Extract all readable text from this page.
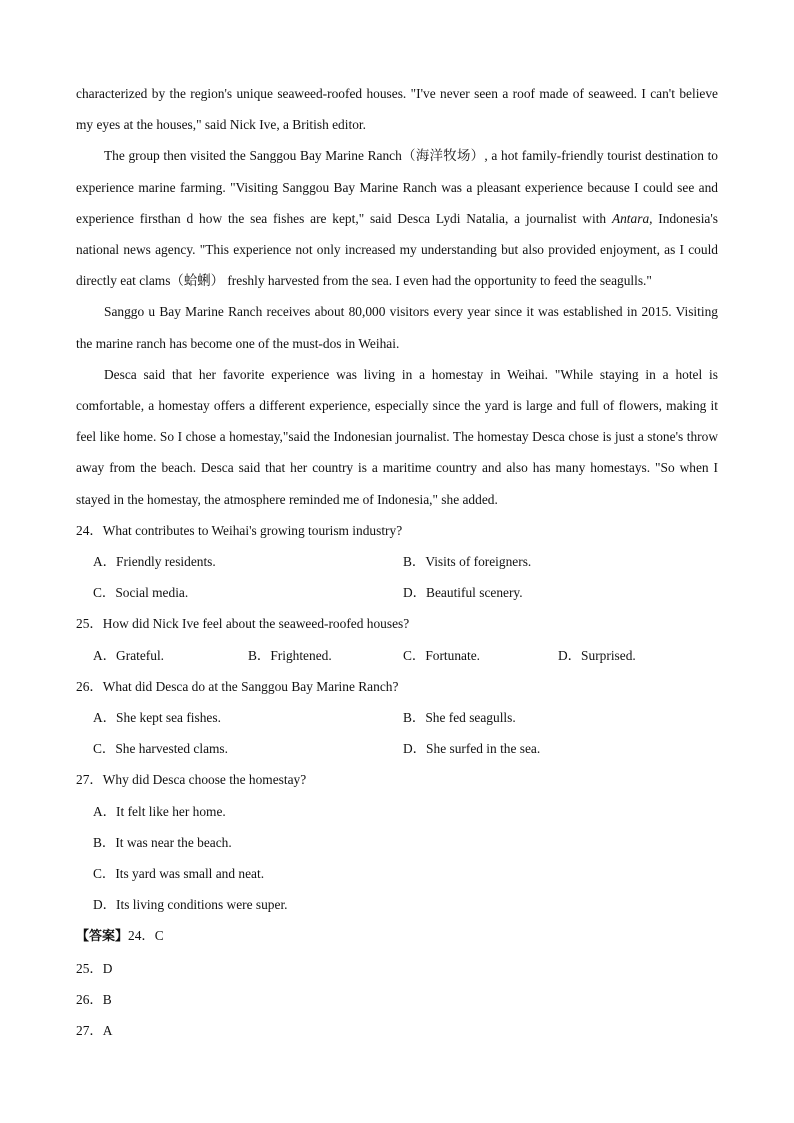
characterized by the region's unique seaweed-roofed houses. "I've never seen a roof made of seaweed. I can't believe my eyes at the houses," said Nick Ive, a British editor.

The group then visited the Sanggou Bay Marine Ranch（海洋牧场）, a hot family-friendly tourist destination to experience marine farming. "Visiting Sanggou Bay Marine Ranch was a pleasant experience because I could see and experience firsthan d how the sea fishes are kept," said Desca Lydi Natalia, a journalist with Antara, Indonesia's national news agency. "This experience not only increased my understanding but also provided enjoyment, as I could directly eat clams（蛤蜊） freshly harvested from the sea. I even had the opportunity to feed the seagulls."

Sanggo u Bay Marine Ranch receives about 80,000 visitors every year since it was established in 2015. Visiting the marine ranch has become one of the must-dos in Weihai.

Desca said that her favorite experience was living in a homestay in Weihai. "While staying in a hotel is comfortable, a homestay offers a different experience, especially since the yard is large and full of flowers, making it feel like home. So I chose a homestay,"said the Indonesian journalist. The homestay Desca chose is just a stone's throw away from the beach. Desca said that her country is a maritime country and also has many homestays. "So when I stayed in the homestay, the atmosphere reminded me of Indonesia," she added.

24．What contributes to Weihai's growing tourism industry?

A．Friendly residents.	B．Visits of foreigners.
C．Social media.	D．Beautiful scenery.

25．How did Nick Ive feel about the seaweed-roofed houses?

A．Grateful.	B．Frightened.	C．Fortunate.	D．Surprised.

26．What did Desca do at the Sanggou Bay Marine Ranch?

A．She kept sea fishes.	B．She fed seagulls.
C．She harvested clams.	D．She surfed in the sea.

27．Why did Desca choose the homestay?

A．It felt like her home.
B．It was near the beach.
C．Its yard was small and neat.
D．Its living conditions were super.

【答案】24．C

25．D

26．B

27．A
